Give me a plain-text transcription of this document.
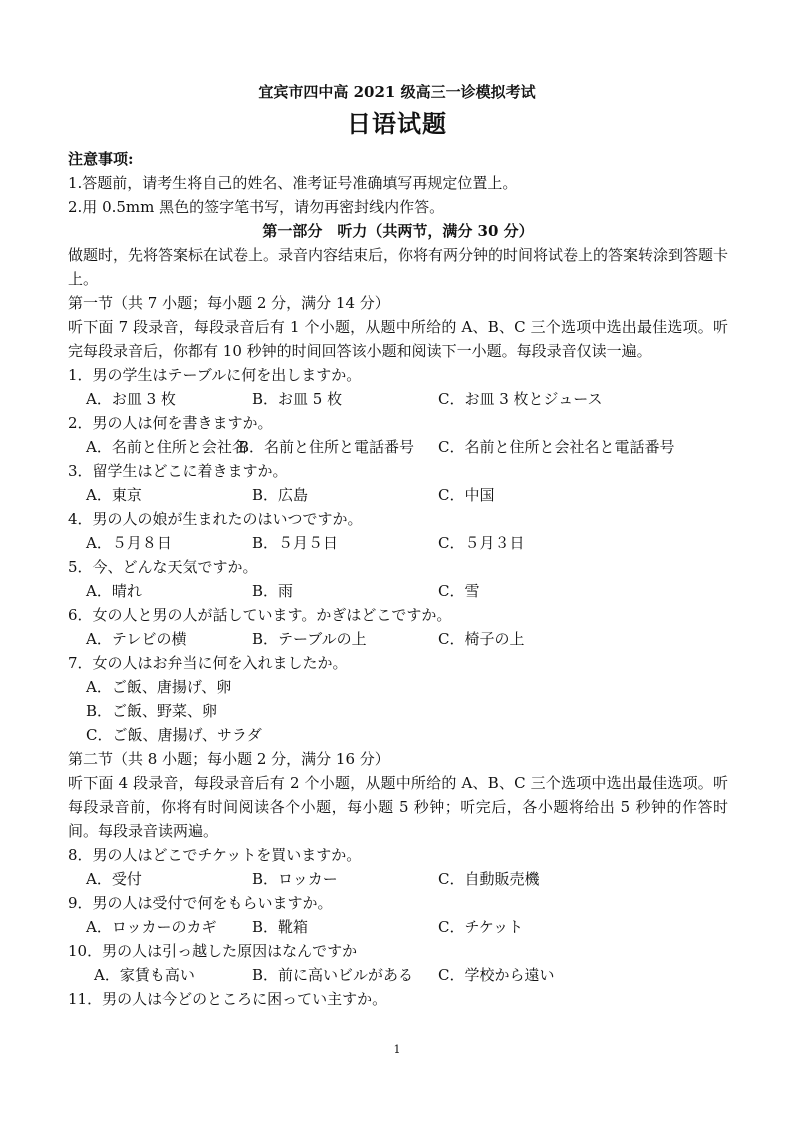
宜宾市四中高 2021 级高三一诊模拟考试
日语试题
注意事项:
1.答题前，请考生将自己的姓名、准考证号准确填写再规定位置上。
2.用 0.5mm 黑色的签字笔书写，请勿再密封线内作答。
第一部分　听力（共两节，满分 30 分）
做题时，先将答案标在试卷上。录音内容结束后，你将有两分钟的时间将试卷上的答案转涂到答题卡上。
第一节（共 7 小题；每小题 2 分，满分 14 分）
听下面 7 段录音，每段录音后有 1 个小题，从题中所给的 A、B、C 三个选项中选出最佳选项。听完每段录音后，你都有 10 秒钟的时间回答该小题和阅读下一小题。每段录音仅读一遍。
1．男の学生はテーブルに何を出しますか。
A．お皿 3 枚	B．お皿 5 枚	C．お皿 3 枚とジュース
2．男の人は何を書きますか。
A．名前と住所と会社名
B．名前と住所と電話番号 C．名前と住所と会社名と電話番号
3．留学生はどこに着きますか。
A．東京	B．広島	C．中国
4．男の人の娘が生まれたのはいつですか。
A．５月８日	B．５月５日	C．５月３日
5．今、どんな天気ですか。
A．晴れ	B．雨	C．雪
6．女の人と男の人が話しています。かぎはどこですか。
A．テレビの横	B．テーブルの上	C．椅子の上
7．女の人はお弁当に何を入れましたか。
A．ご飯、唐揚げ、卵
B．ご飯、野菜、卵
C．ご飯、唐揚げ、サラダ
第二节（共 8 小题；每小题 2 分，满分 16 分）
听下面 4 段录音，每段录音后有 2 个小题，从题中所给的 A、B、C 三个选项中选出最佳选项。听每段录音前，你将有时间阅读各个小题，每小题 5 秒钟；听完后，各小题将给出 5 秒钟的作答时间。每段录音读两遍。
8．男の人はどこでチケットを買いますか。
A．受付	B．ロッカー	C．自動販売機
9．男の人は受付で何をもらいますか。
A．ロッカーのカギ B．靴箱	C．チケット
10．男の人は引っ越した原因はなんですか
A．家賃も高い	B．前に高いビルがある C．学校から遠い
11．男の人は今どのところに困ってい主すか。
1
